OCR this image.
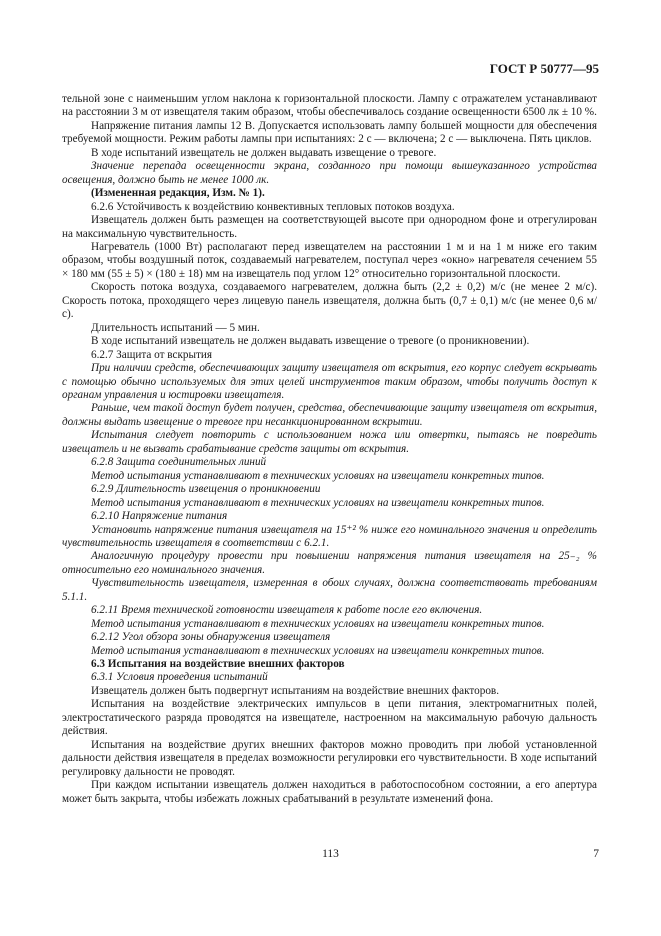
ГОСТ Р 50777—95

тельной зоне с наименьшим углом наклона к горизонтальной плоскости. Лампу с отражателем устанавливают на расстоянии 3 м от извещателя таким образом, чтобы обеспечивалось создание освещенности 6500 лк ± 10 %.

Напряжение питания лампы 12 В. Допускается использовать лампу большей мощности для обеспечения требуемой мощности. Режим работы лампы при испытаниях: 2 с — включена; 2 с — выключена. Пять циклов.

В ходе испытаний извещатель не должен выдавать извещение о тревоге.

Значение перепада освещенности экрана, созданного при помощи вышеуказанного устройства освещения, должно быть не менее 1000 лк.

(Измененная редакция, Изм. № 1).

6.2.6 Устойчивость к воздействию конвективных тепловых потоков воздуха.

Извещатель должен быть размещен на соответствующей высоте при однородном фоне и отрегулирован на максимальную чувствительность.

Нагреватель (1000 Вт) располагают перед извещателем на расстоянии 1 м и на 1 м ниже его таким образом, чтобы воздушный поток, создаваемый нагревателем, поступал через «окно» нагревателя сечением 55 × 180 мм (55 ± 5) × (180 ± 18) мм на извещатель под углом 12° относительно горизонтальной плоскости.

Скорость потока воздуха, создаваемого нагревателем, должна быть (2,2 ± 0,2) м/с (не менее 2 м/с). Скорость потока, проходящего через лицевую панель извещателя, должна быть (0,7 ± 0,1) м/с (не менее 0,6 м/с).

Длительность испытаний — 5 мин.

В ходе испытаний извещатель не должен выдавать извещение о тревоге (о проникновении).

6.2.7 Защита от вскрытия

При наличии средств, обеспечивающих защиту извещателя от вскрытия, его корпус следует вскрывать с помощью обычно используемых для этих целей инструментов таким образом, чтобы получить доступ к органам управления и юстировки извещателя.

Раньше, чем такой доступ будет получен, средства, обеспечивающие защиту извещателя от вскрытия, должны выдать извещение о тревоге при несанкционированном вскрытии.

Испытания следует повторить с использованием ножа или отвертки, пытаясь не повредить извещатель и не вызвать срабатывание средств защиты от вскрытия.

6.2.8 Защита соединительных линий

Метод испытания устанавливают в технических условиях на извещатели конкретных типов.

6.2.9 Длительность извещения о проникновении

Метод испытания устанавливают в технических условиях на извещатели конкретных типов.

6.2.10 Напряжение питания

Установить напряжение питания извещателя на 15⁺² % ниже его номинального значения и определить чувствительность извещателя в соответствии с 6.2.1.

Аналогичную процедуру провести при повышении напряжения питания извещателя на 25₋₂ % относительно его номинального значения.

Чувствительность извещателя, измеренная в обоих случаях, должна соответствовать требованиям 5.1.1.

6.2.11 Время технической готовности извещателя к работе после его включения.

Метод испытания устанавливают в технических условиях на извещатели конкретных типов.

6.2.12 Угол обзора зоны обнаружения извещателя

Метод испытания устанавливают в технических условиях на извещатели конкретных типов.

6.3 Испытания на воздействие внешних факторов

6.3.1 Условия проведения испытаний

Извещатель должен быть подвергнут испытаниям на воздействие внешних факторов.

Испытания на воздействие электрических импульсов в цепи питания, электромагнитных полей, электростатического разряда проводятся на извещателе, настроенном на максимальную рабочую дальность действия.

Испытания на воздействие других внешних факторов можно проводить при любой установленной дальности действия извещателя в пределах возможности регулировки его чувствительности. В ходе испытаний регулировку дальности не проводят.

При каждом испытании извещатель должен находиться в работоспособном состоянии, а его апертура может быть закрыта, чтобы избежать ложных срабатываний в результате изменений фона.

113	7
